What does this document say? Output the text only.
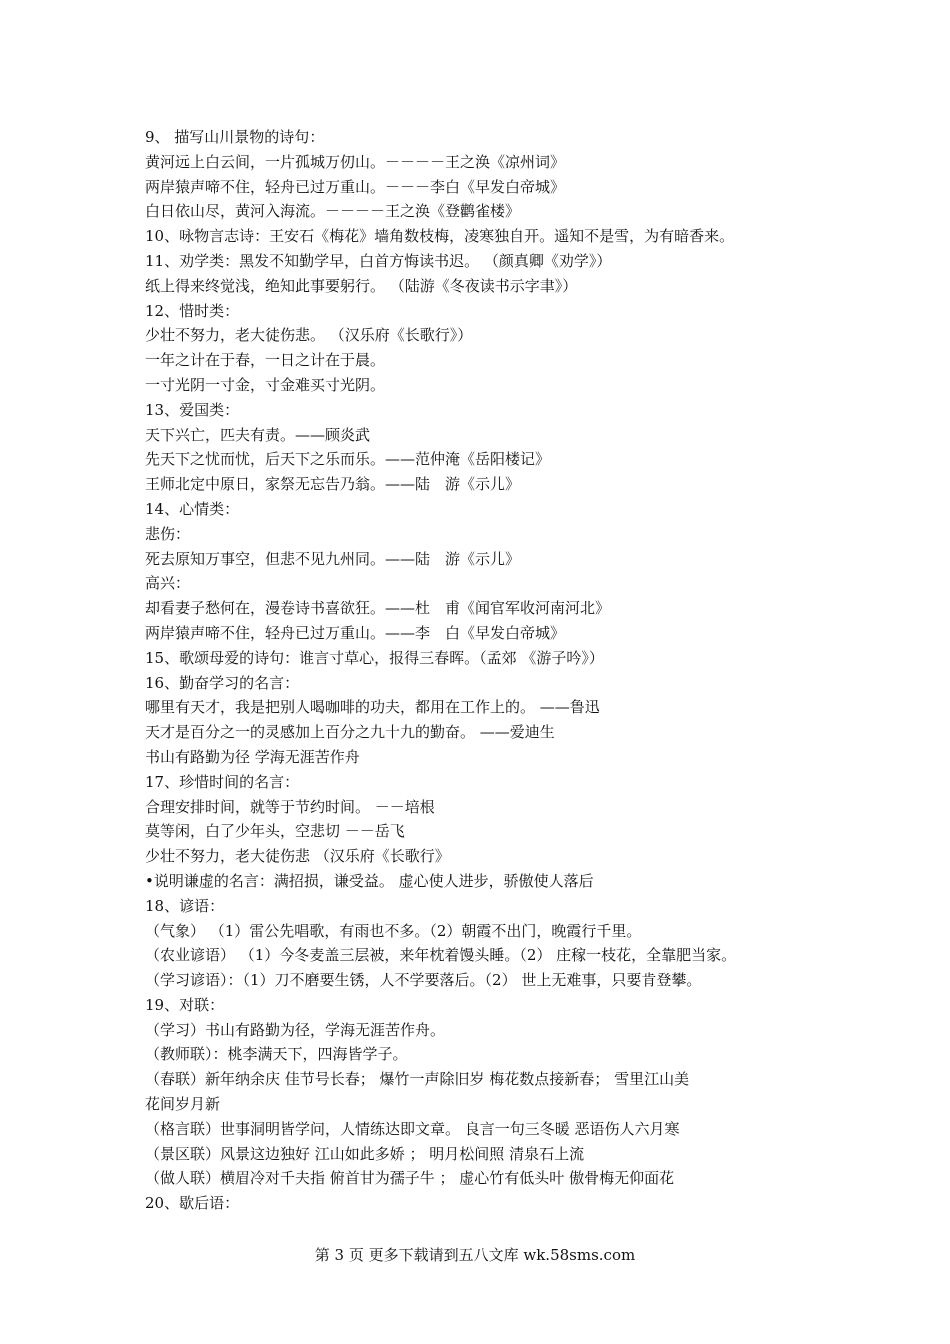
9、 描写山川景物的诗句：
黄河远上白云间，一片孤城万仞山。－－－－王之涣《凉州词》
两岸猿声啼不住，轻舟已过万重山。－－－李白《早发白帝城》
白日依山尽，黄河入海流。－－－－王之涣《登鹳雀楼》
10、咏物言志诗：王安石《梅花》墙角数枝梅，凌寒独自开。遥知不是雪，为有暗香来。
11、劝学类：黑发不知勤学早，白首方悔读书迟。 （颜真卿《劝学》）
纸上得来终觉浅，绝知此事要躬行。 （陆游《冬夜读书示字聿》）
12、惜时类：
少壮不努力，老大徒伤悲。 （汉乐府《长歌行》）
一年之计在于春，一日之计在于晨。
一寸光阴一寸金，寸金难买寸光阴。
13、爱国类：
天下兴亡，匹夫有责。——顾炎武
先天下之忧而忧，后天下之乐而乐。——范仲淹《岳阳楼记》
王师北定中原日，家祭无忘告乃翁。——陆　游《示儿》
14、心情类：
悲伤：
死去原知万事空，但悲不见九州同。——陆　游《示儿》
高兴：
却看妻子愁何在，漫卷诗书喜欲狂。——杜　甫《闻官军收河南河北》
两岸猿声啼不住，轻舟已过万重山。——李　白《早发白帝城》
15、歌颂母爱的诗句：谁言寸草心，报得三春晖。（孟郊 《游子吟》）
16、勤奋学习的名言：
哪里有天才，我是把别人喝咖啡的功夫，都用在工作上的。 ——鲁迅
天才是百分之一的灵感加上百分之九十九的勤奋。 ——爱迪生
书山有路勤为径 学海无涯苦作舟
17、珍惜时间的名言：
合理安排时间，就等于节约时间。 －－培根
莫等闲，白了少年头，空悲切 －－岳飞
少壮不努力，老大徒伤悲 （汉乐府《长歌行》
•说明谦虚的名言：满招损，谦受益。 虚心使人进步，骄傲使人落后
18、谚语：
（气象） （1）雷公先唱歌，有雨也不多。（2）朝霞不出门，晚霞行千里。
（农业谚语） （1）今冬麦盖三层被，来年枕着馒头睡。（2） 庄稼一枝花，全靠肥当家。
（学习谚语）：（1）刀不磨要生锈，人不学要落后。（2） 世上无难事，只要肯登攀。
19、对联：
（学习）书山有路勤为径，学海无涯苦作舟。
（教师联）：桃李满天下，四海皆学子。
（春联）新年纳余庆 佳节号长春； 爆竹一声除旧岁 梅花数点接新春； 雪里江山美
花间岁月新
（格言联）世事洞明皆学问，人情练达即文章。 良言一句三冬暖 恶语伤人六月寒
（景区联）风景这边独好 江山如此多娇 ； 明月松间照 清泉石上流
（做人联）横眉冷对千夫指 俯首甘为孺子牛 ； 虚心竹有低头叶 傲骨梅无仰面花
20、歇后语：
第 3 页 更多下载请到五八文库 wk.58sms.com
